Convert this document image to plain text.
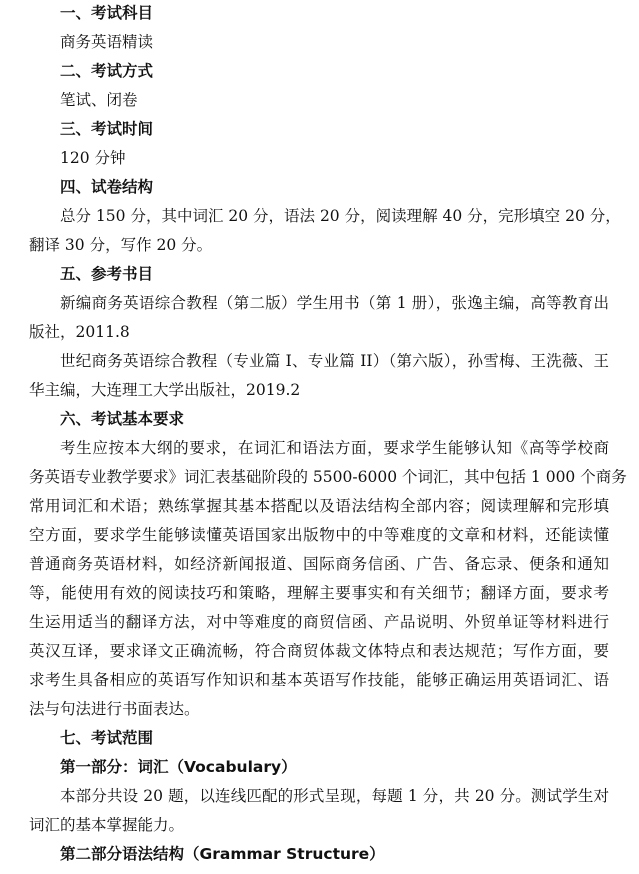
一、考试科目
商务英语精读
二、考试方式
笔试、闭卷
三、考试时间
120 分钟
四、试卷结构
总分 150 分，其中词汇 20 分，语法 20 分，阅读理解 40 分，完形填空 20 分，
翻译 30 分，写作 20 分。
五、参考书目
新编商务英语综合教程（第二版）学生用书（第 1 册），张逸主编，高等教育出
版社，2011.8
世纪商务英语综合教程（专业篇 I、专业篇 II）（第六版），孙雪梅、王洗薇、王
华主编，大连理工大学出版社，2019.2
六、考试基本要求
考生应按本大纲的要求，在词汇和语法方面，要求学生能够认知《高等学校商
务英语专业教学要求》词汇表基础阶段的 5500-6000 个词汇，其中包括 1 000 个商务
常用词汇和术语；熟练掌握其基本搭配以及语法结构全部内容；阅读理解和完形填
空方面，要求学生能够读懂英语国家出版物中的中等难度的文章和材料，还能读懂
普通商务英语材料，如经济新闻报道、国际商务信函、广告、备忘录、便条和通知
等，能使用有效的阅读技巧和策略，理解主要事实和有关细节；翻译方面，要求考
生运用适当的翻译方法，对中等难度的商贸信函、产品说明、外贸单证等材料进行
英汉互译，要求译文正确流畅，符合商贸体裁文体特点和表达规范；写作方面，要
求考生具备相应的英语写作知识和基本英语写作技能，能够正确运用英语词汇、语
法与句法进行书面表达。
七、考试范围
第一部分：词汇（Vocabulary）
本部分共设 20 题，以连线匹配的形式呈现，每题 1 分，共 20 分。测试学生对
词汇的基本掌握能力。
第二部分语法结构（Grammar Structure）
